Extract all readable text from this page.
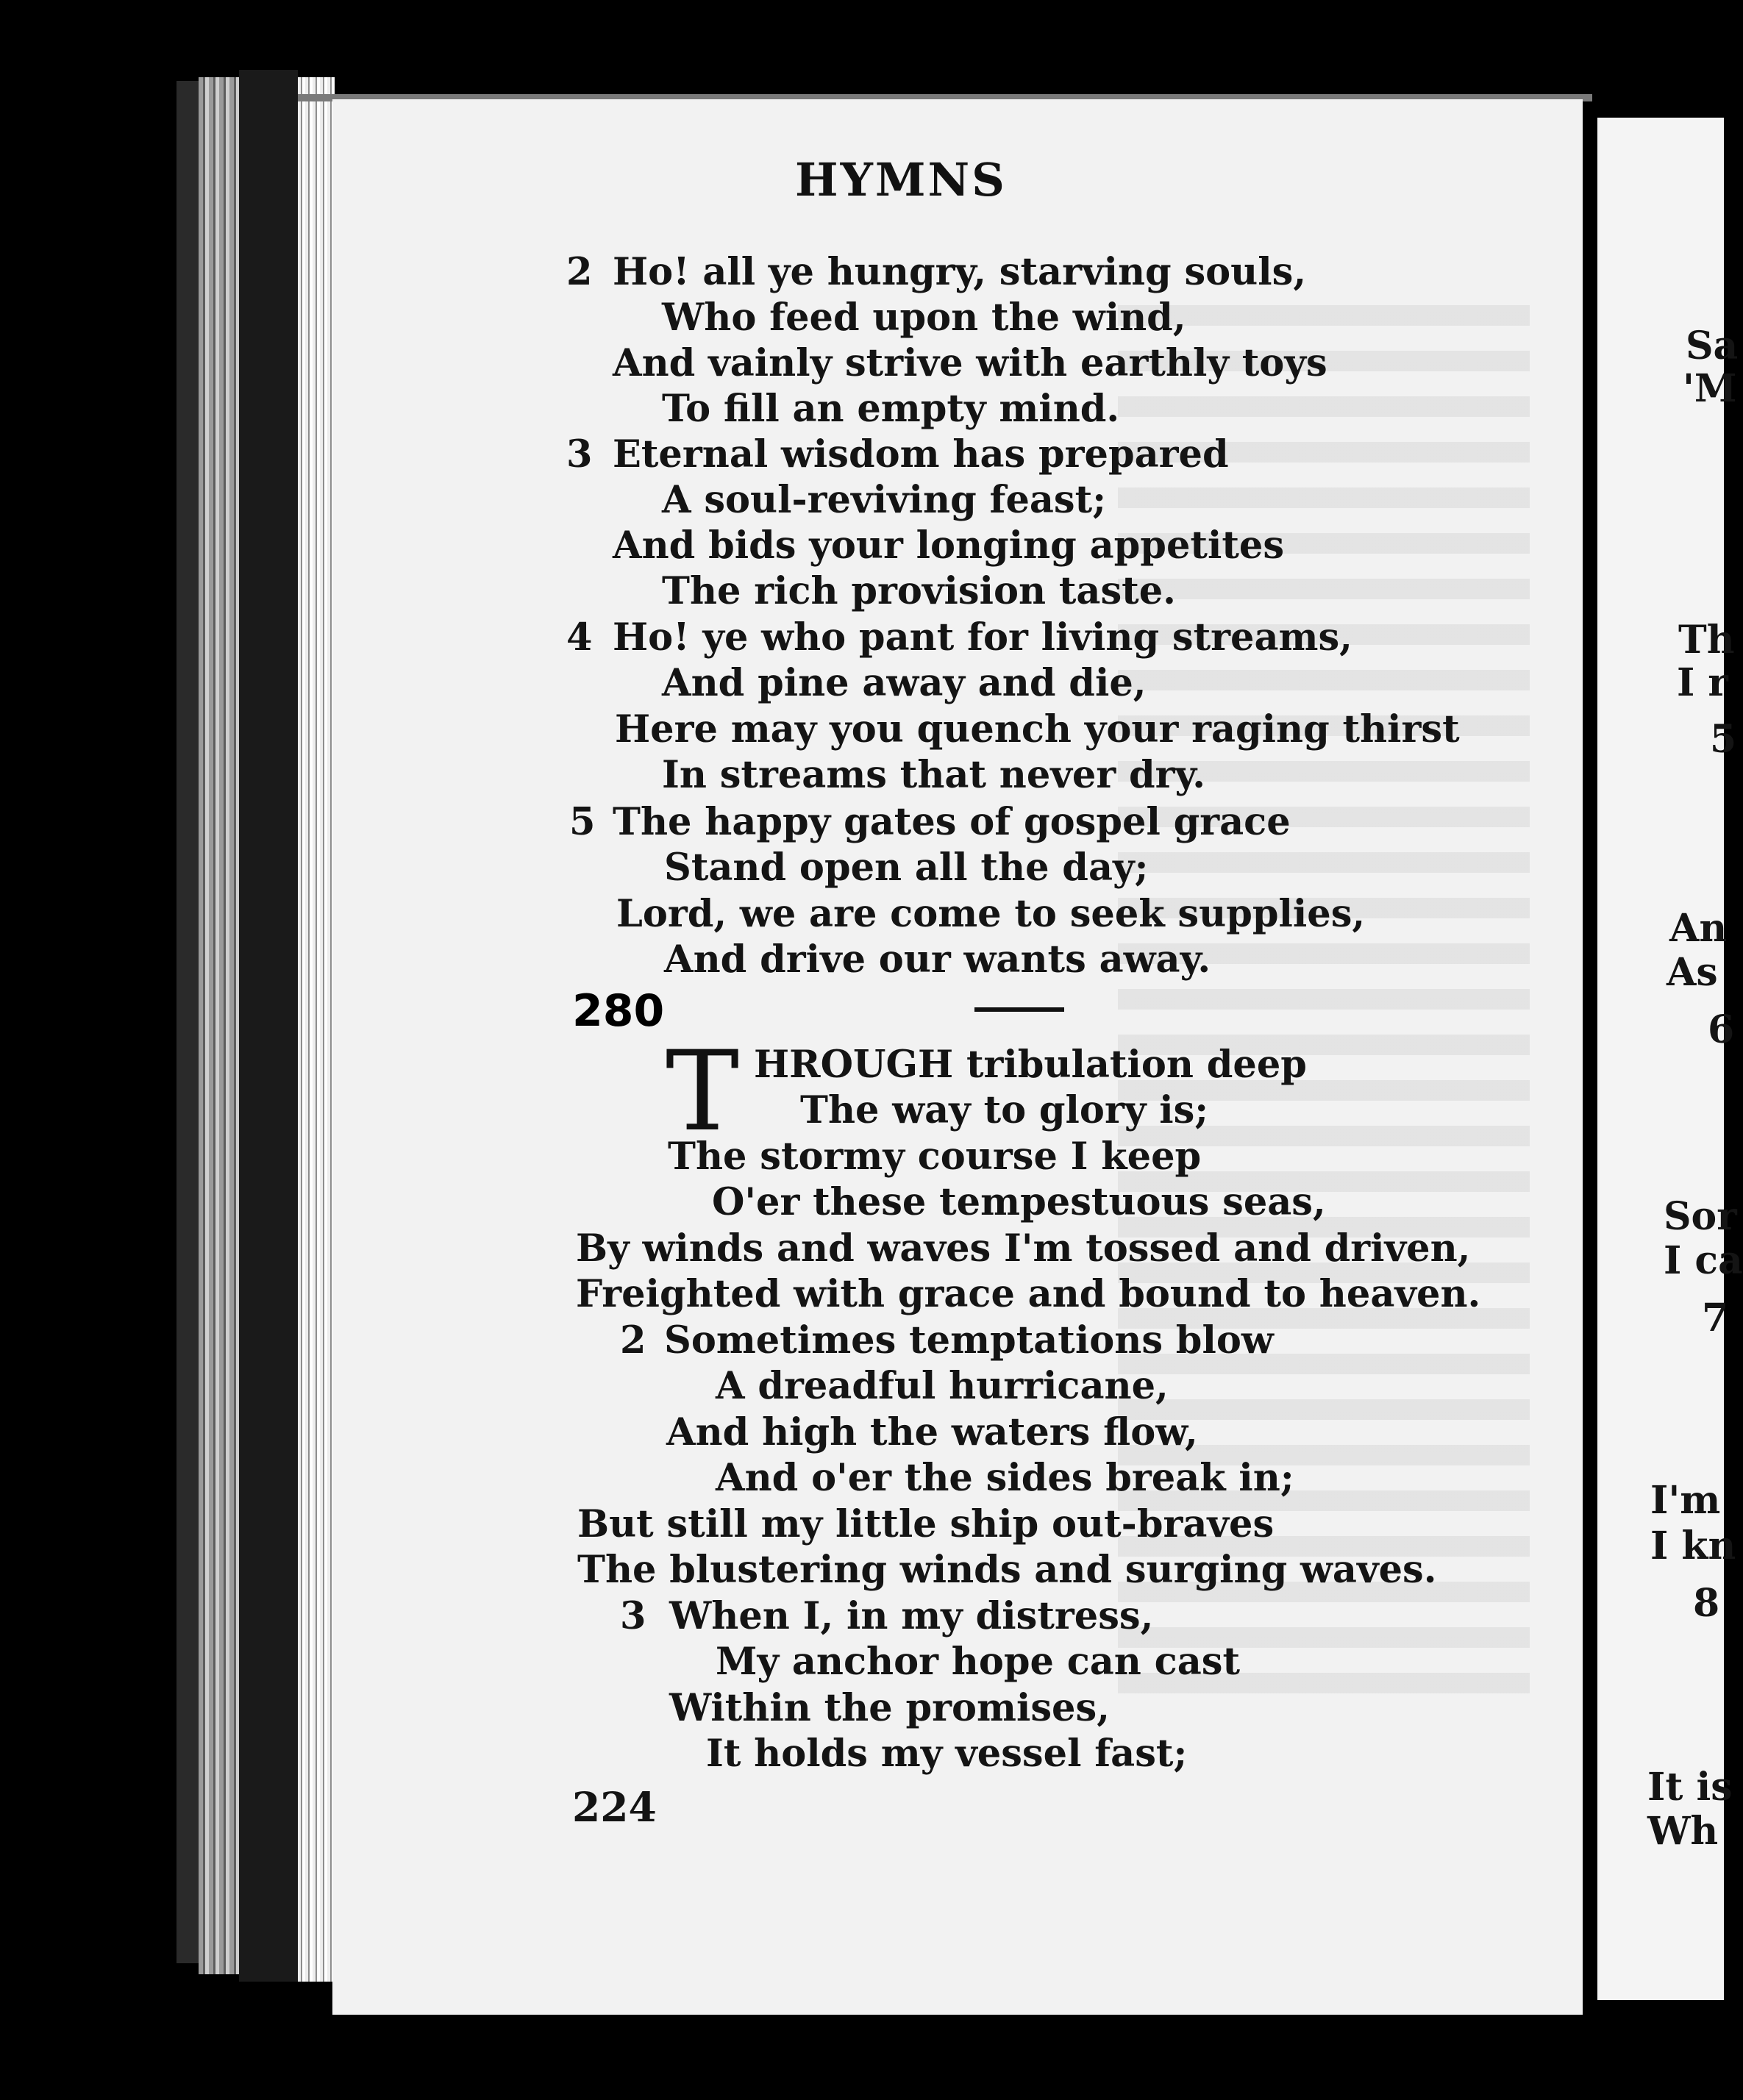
HYMNS
2 Ho! all ye hungry, starving souls,
Who feed upon the wind,
And vainly strive with earthly toys
To fill an empty mind.
3 Eternal wisdom has prepared
A soul-reviving feast;
And bids your longing appetites
The rich provision taste.
4 Ho! ye who pant for living streams,
And pine away and die,
Here may you quench your raging thirst
In streams that never dry.
5 The happy gates of gospel grace
Stand open all the day;
Lord, we are come to seek supplies,
And drive our wants away.
280
T HROUGH tribulation deep
The way to glory is;
The stormy course I keep
O'er these tempestuous seas,
By winds and waves I'm tossed and driven,
Freighted with grace and bound to heaven.
2 Sometimes temptations blow
A dreadful hurricane,
And high the waters flow,
And o'er the sides break in;
But still my little ship out-braves
The blustering winds and surging waves.
3 When I, in my distress,
My anchor hope can cast
Within the promises,
It holds my vessel fast;
224
Sa
'M
Th
I r
5
An
As
6
Sor
I ca
7
I'm
I kn
8
It is
Wh
